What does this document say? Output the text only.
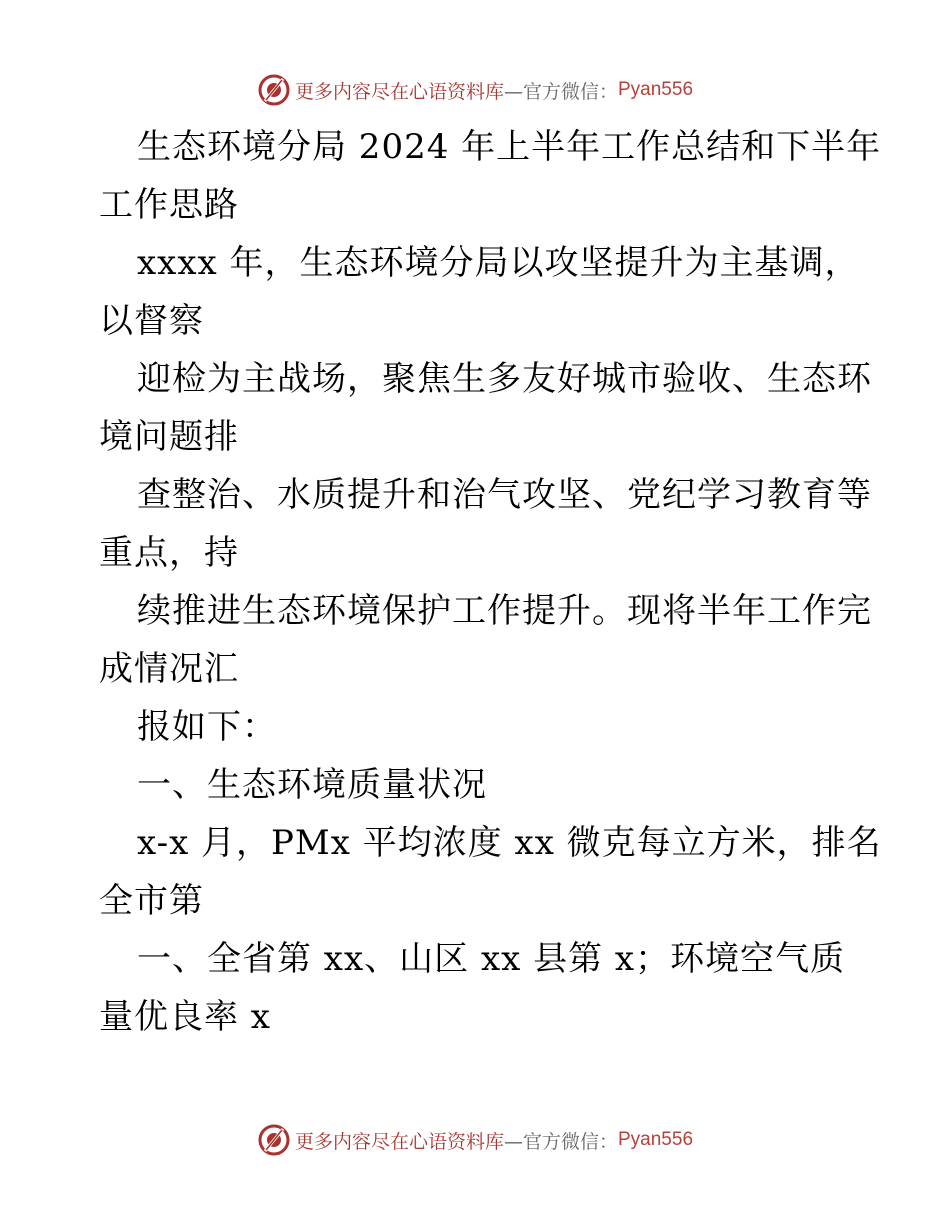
更多内容尽在心语资料库 —官方微信： Pyan556
生态环境分局 2024 年上半年工作总结和下半年
工作思路
xxxx 年，生态环境分局以攻坚提升为主基调，
以督察
迎检为主战场，聚焦生多友好城市验收、生态环
境问题排
查整治、水质提升和治气攻坚、党纪学习教育等
重点，持
续推进生态环境保护工作提升。现将半年工作完
成情况汇
报如下：
一、生态环境质量状况
x-x 月，PMx 平均浓度 xx 微克每立方米，排名
全市第
一、全省第 xx、山区 xx 县第 x；环境空气质
量优良率 x
更多内容尽在心语资料库 —官方微信： Pyan556
